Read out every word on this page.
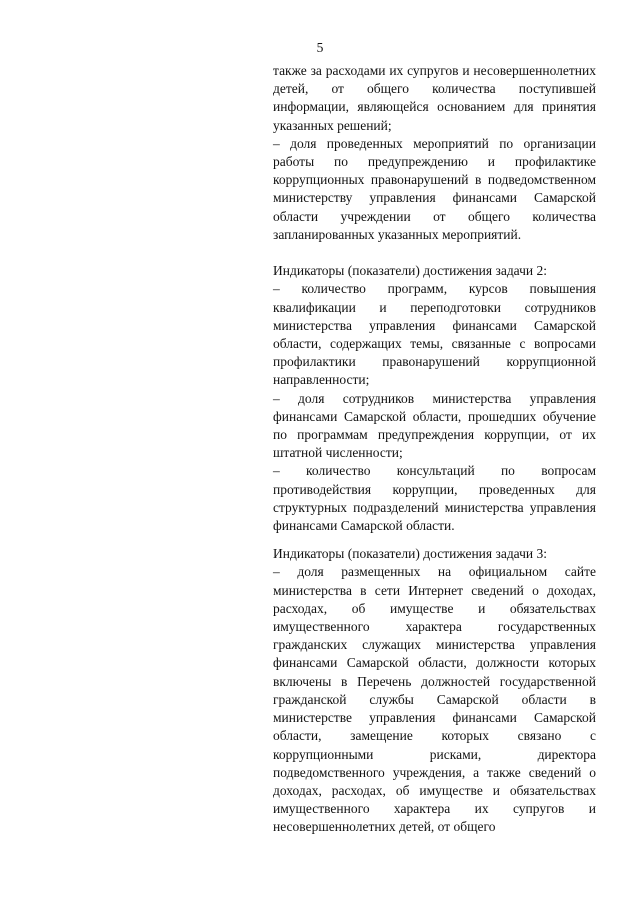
5

также за расходами их супругов и несовершеннолетних детей, от общего количества поступившей информации, являющейся основанием для принятия указанных решений;

– доля проведенных мероприятий по организации работы по предупреждению и профилактике коррупционных правонарушений в подведомственном министерству управления финансами Самарской области учреждении от общего количества запланированных указанных мероприятий.

Индикаторы (показатели) достижения задачи 2:

– количество программ, курсов повышения квалификации и переподготовки сотрудников министерства управления финансами Самарской области, содержащих темы, связанные с вопросами профилактики правонарушений коррупционной направленности;

– доля сотрудников министерства управления финансами Самарской области, прошедших обучение по программам предупреждения коррупции, от их штатной численности;

– количество консультаций по вопросам противодействия коррупции, проведенных для структурных подразделений министерства управления финансами Самарской области.

Индикаторы (показатели) достижения задачи 3:

– доля размещенных на официальном сайте министерства в сети Интернет сведений о доходах, расходах, об имуществе и обязательствах имущественного характера государственных гражданских служащих министерства управления финансами Самарской области, должности которых включены в Перечень должностей государственной гражданской службы Самарской области в министерстве управления финансами Самарской области, замещение которых связано с коррупционными рисками, директора подведомственного учреждения, а также сведений о доходах, расходах, об имуществе и обязательствах имущественного характера их супругов и несовершеннолетних детей, от общего
